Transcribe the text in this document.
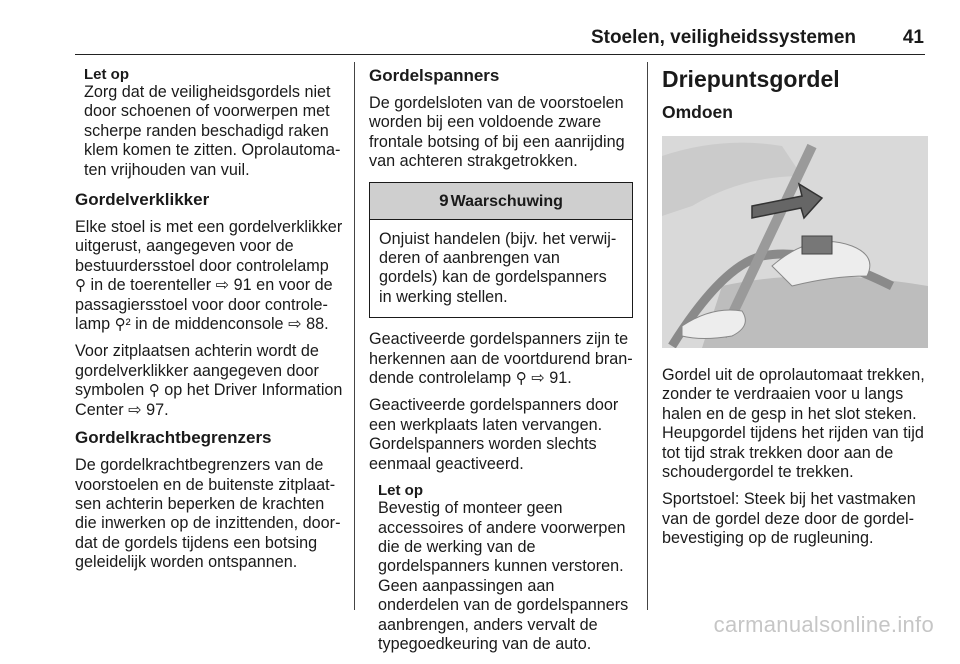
Stoelen, veiligheidssystemen 41
Let op
Zorg dat de veiligheidsgordels niet door schoenen of voorwerpen met scherpe randen beschadigd raken klem komen te zitten. Oprolautomaten vrijhouden van vuil.
Gordelverklikker

Elke stoel is met een gordelverklikker uitgerust, aangegeven voor de bestuurdersstoel door controlelamp ⚲ in de toerenteller ⇨ 91 en voor de passagiersstoel voor door controlelamp ⚲² in de middenconsole ⇨ 88.

Voor zitplaatsen achterin wordt de gordelverklikker aangegeven door symbolen ⚲ op het Driver Information Center ⇨ 97.

Gordelkrachtbegrenzers

De gordelkrachtbegrenzers van de voorstoelen en de buitenste zitplaatsen achterin beperken de krachten die inwerken op de inzittenden, doordat de gordels tijdens een botsing geleidelijk worden ontspannen.

Gordelspanners

De gordelsloten van de voorstoelen worden bij een voldoende zware frontale botsing of bij een aanrijding van achteren strakgetrokken.

9 Waarschuwing
Onjuist handelen (bijv. het verwijderen of aanbrengen van gordels) kan de gordelspanners in werking stellen.

Geactiveerde gordelspanners zijn te herkennen aan de voortdurend brandende controlelamp ⚲ ⇨ 91.

Geactiveerde gordelspanners door een werkplaats laten vervangen. Gordelspanners worden slechts eenmaal geactiveerd.

Let op
Bevestig of monteer geen accessoires of andere voorwerpen die de werking van de gordelspanners kunnen verstoren. Geen aanpassingen aan onderdelen van de gordelspanners aanbrengen, anders vervalt de typegoedkeuring van de auto.
Driepuntsgordel
Omdoen

Gordel uit de oprolautomaat trekken, zonder te verdraaien voor u langs halen en de gesp in het slot steken. Heupgordel tijdens het rijden van tijd tot tijd strak trekken door aan de schoudergordel te trekken.

Sportstoel: Steek bij het vastmaken van de gordel deze door de gordelbevestiging op de rugleuning.

carmanualsonline.info
